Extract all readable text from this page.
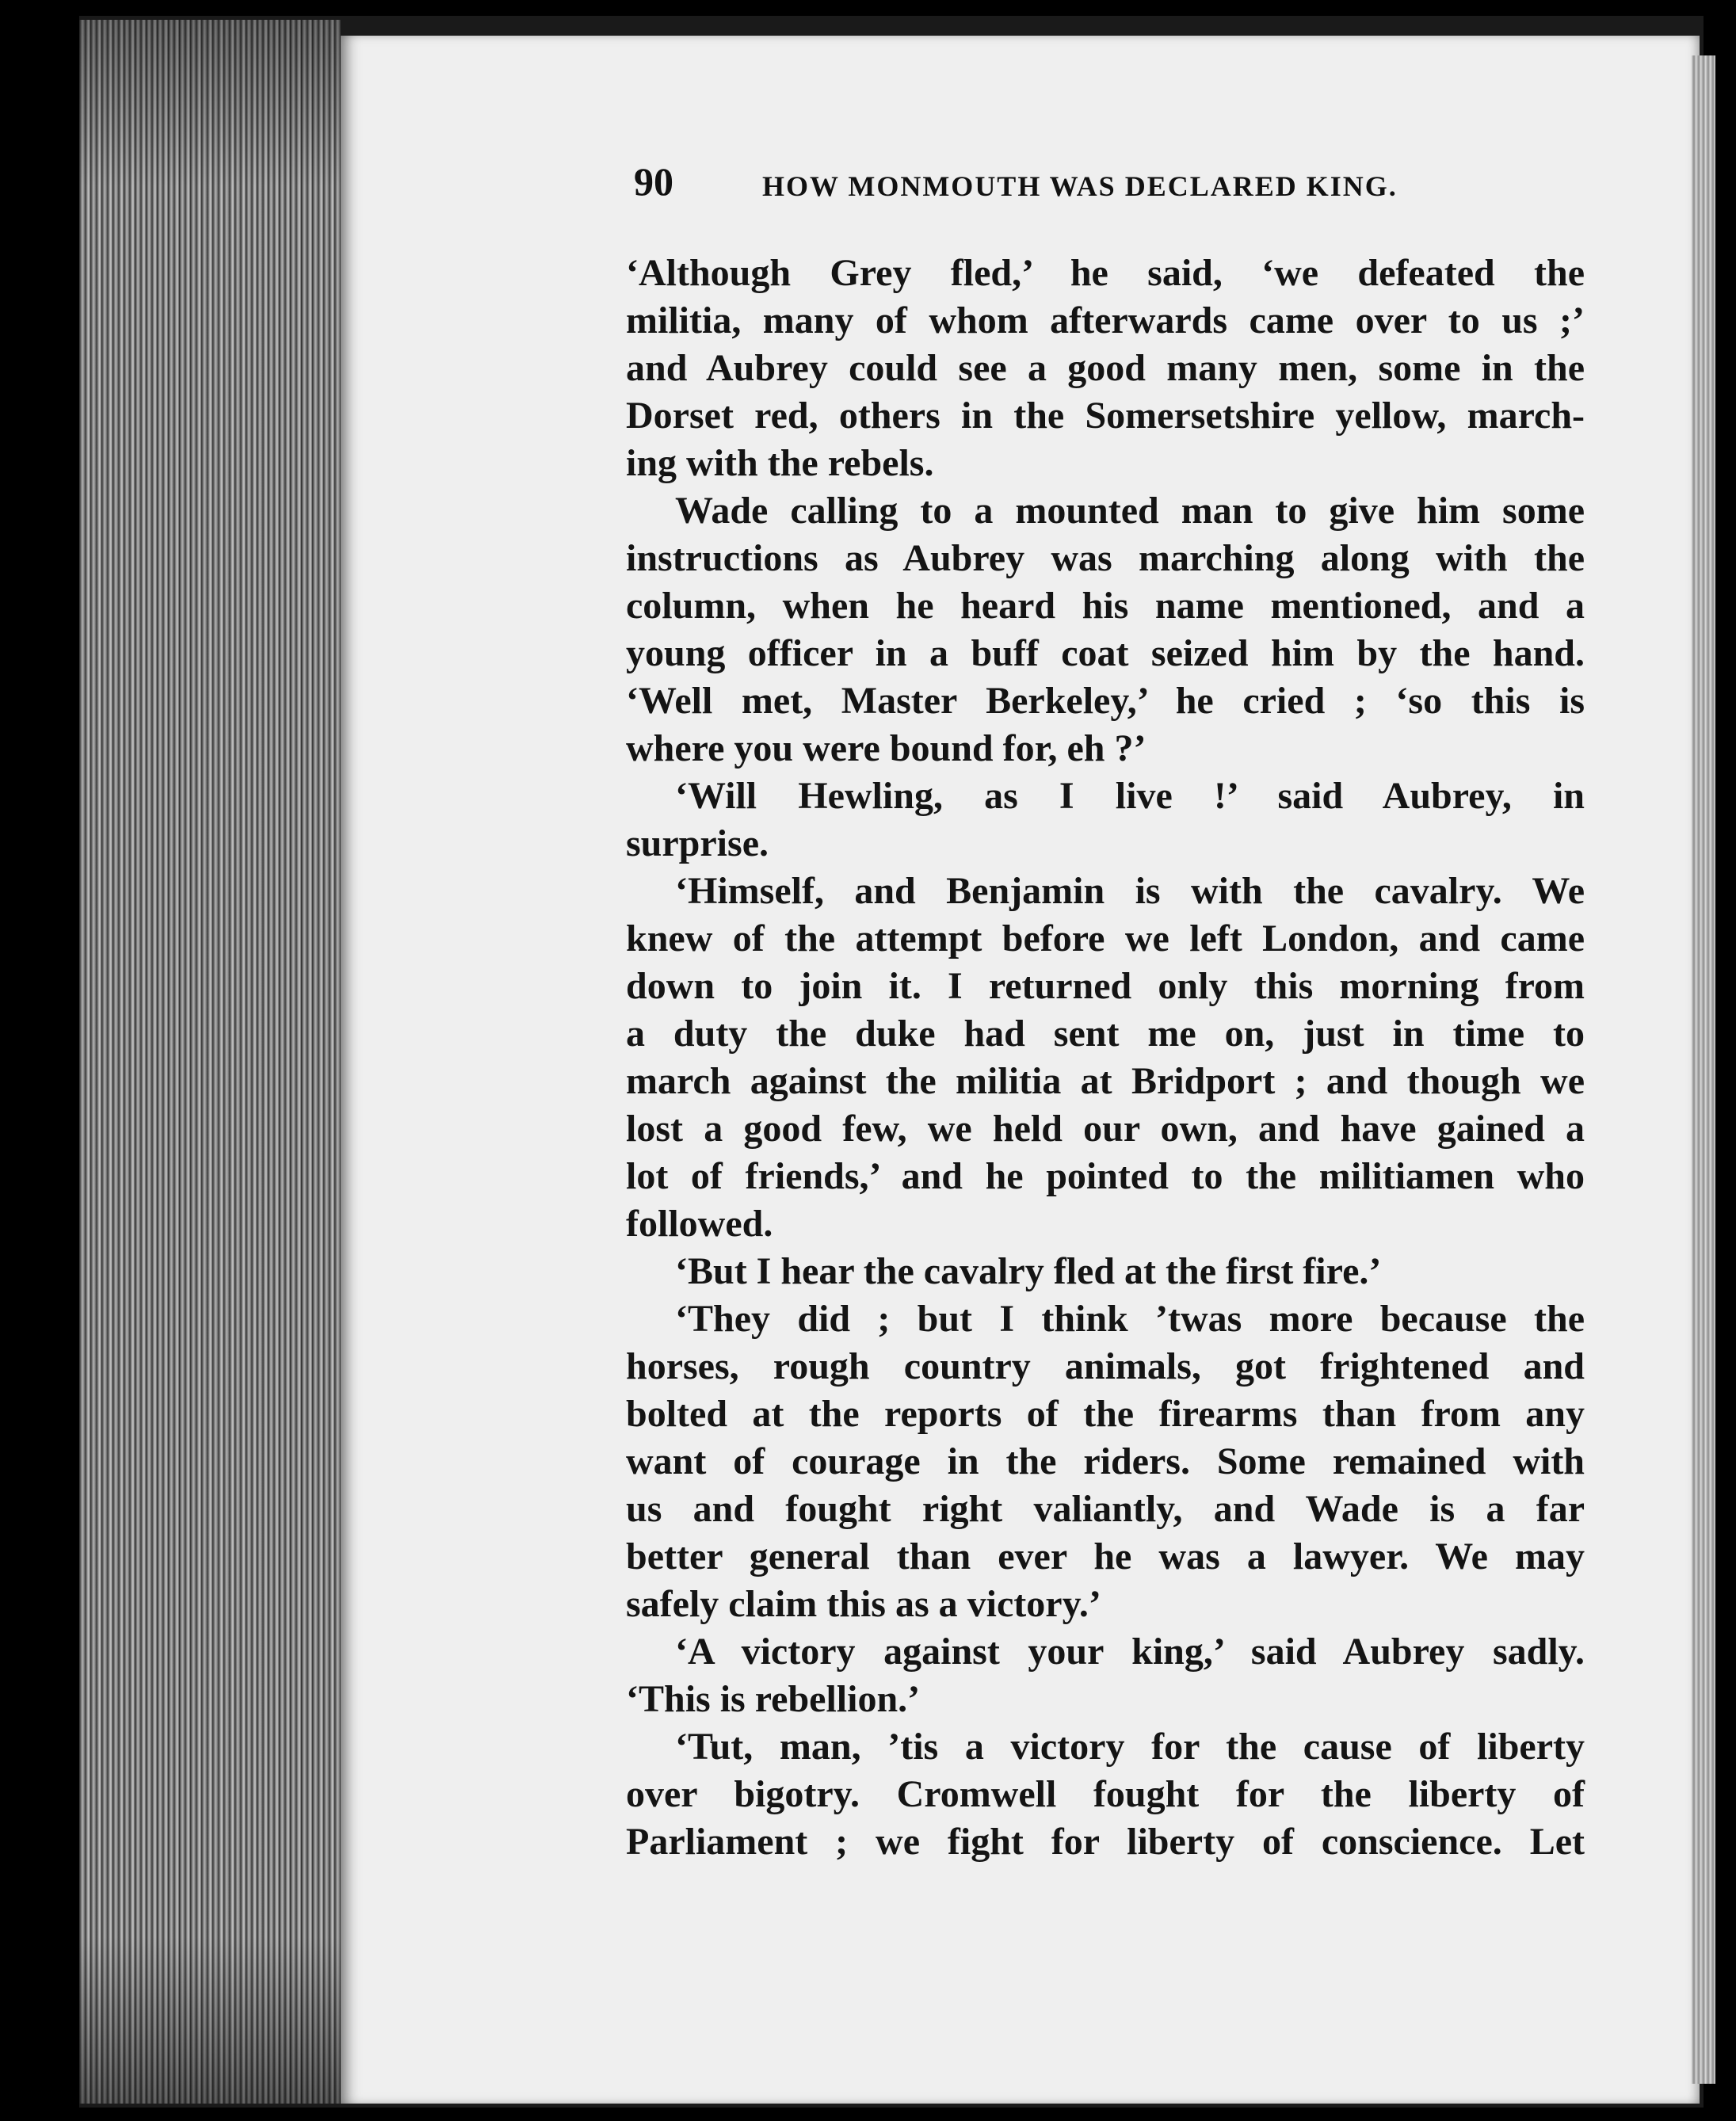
90	HOW MONMOUTH WAS DECLARED KING.
‘Although Grey fled,’ he said, ‘we defeated the
militia, many of whom afterwards came over to us ;’
and Aubrey could see a good many men, some in the
Dorset red, others in the Somersetshire yellow, march-
ing with the rebels.
Wade calling to a mounted man to give him some
instructions as Aubrey was marching along with the
column, when he heard his name mentioned, and a
young officer in a buff coat seized him by the hand.
‘Well met, Master Berkeley,’ he cried ; ‘so this is
where you were bound for, eh ?’
‘Will Hewling, as I live !’ said Aubrey, in
surprise.
‘Himself, and Benjamin is with the cavalry. We
knew of the attempt before we left London, and came
down to join it. I returned only this morning from
a duty the duke had sent me on, just in time to
march against the militia at Bridport ; and though we
lost a good few, we held our own, and have gained a
lot of friends,’ and he pointed to the militiamen who
followed.
‘But I hear the cavalry fled at the first fire.’
‘They did ; but I think ’twas more because the
horses, rough country animals, got frightened and
bolted at the reports of the firearms than from any
want of courage in the riders. Some remained with
us and fought right valiantly, and Wade is a far
better general than ever he was a lawyer. We may
safely claim this as a victory.’
‘A victory against your king,’ said Aubrey sadly.
‘This is rebellion.’
‘Tut, man, ’tis a victory for the cause of liberty
over bigotry. Cromwell fought for the liberty of
Parliament ; we fight for liberty of conscience. Let
